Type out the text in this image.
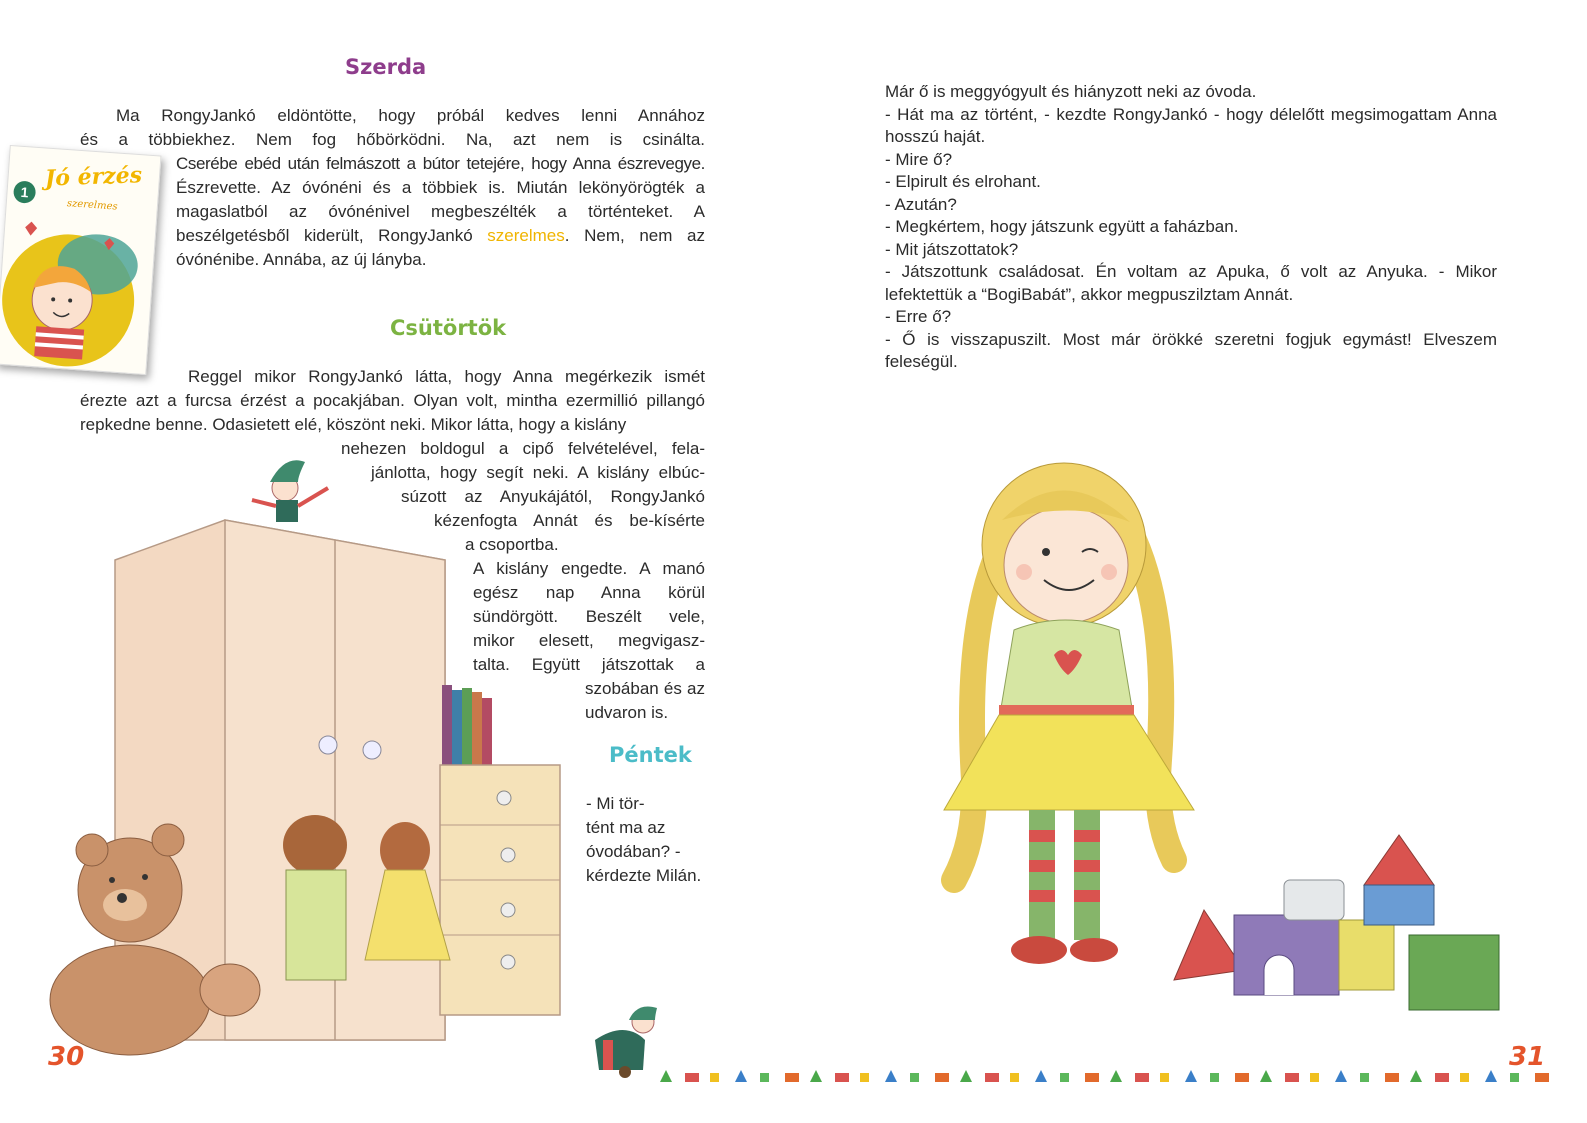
Szerda
Ma RongyJankó eldöntötte, hogy próbál kedves lenni Annához
és a többiekhez. Nem fog hőbörködni. Na, azt nem is csinálta.
Cserébe ebéd után felmászott a bútor tetejére, hogy Anna észrevegye.
Észrevette. Az óvónéni és a többiek is. Miután lekönyörögték a
magaslatból az óvónénivel megbeszélték a történteket. A
beszélgetésből kiderült, RongyJankó szerelmes. Nem, nem az
óvónénibe. Annába, az új lányba.
1
Jó érzés
szerelmes
Csütörtök
Reggel mikor RongyJankó látta, hogy Anna megérkezik ismét
érezte azt a furcsa érzést a pocakjában. Olyan volt, mintha ezermillió pillangó
repkedne benne. Odasietett elé, köszönt neki. Mikor látta, hogy a kislány
nehezen boldogul a cipő felvételével, fela-
jánlotta, hogy segít neki. A kislány elbúc-
súzott az Anyukájától, RongyJankó
kézenfogta Annát és be-kísérte
a csoportba.
A kislány engedte. A manó
egész nap Anna körül
sündörgött. Beszélt vele,
mikor elesett, megvigasz-
talta. Együtt játszottak a
szobában és az
udvaron is.
Péntek
- Mi tör-
tént ma az
óvodában? -
kérdezte Milán.
30
Már ő is meggyógyult és hiányzott neki az óvoda.
- Hát ma az történt, - kezdte RongyJankó - hogy délelőtt megsimogattam Anna
hosszú haját.
- Mire ő?
- Elpirult és elrohant.
- Azután?
- Megkértem, hogy játszunk együtt a faházban.
- Mit játszottatok?
- Játszottunk családosat. Én voltam az Apuka, ő volt az Anyuka. - Mikor
lefektettük a “BogiBabát”, akkor megpuszilztam Annát.
- Erre ő?
- Ő is visszapuszilt. Most már örökké szeretni fogjuk egymást! Elveszem
feleségül.
31
